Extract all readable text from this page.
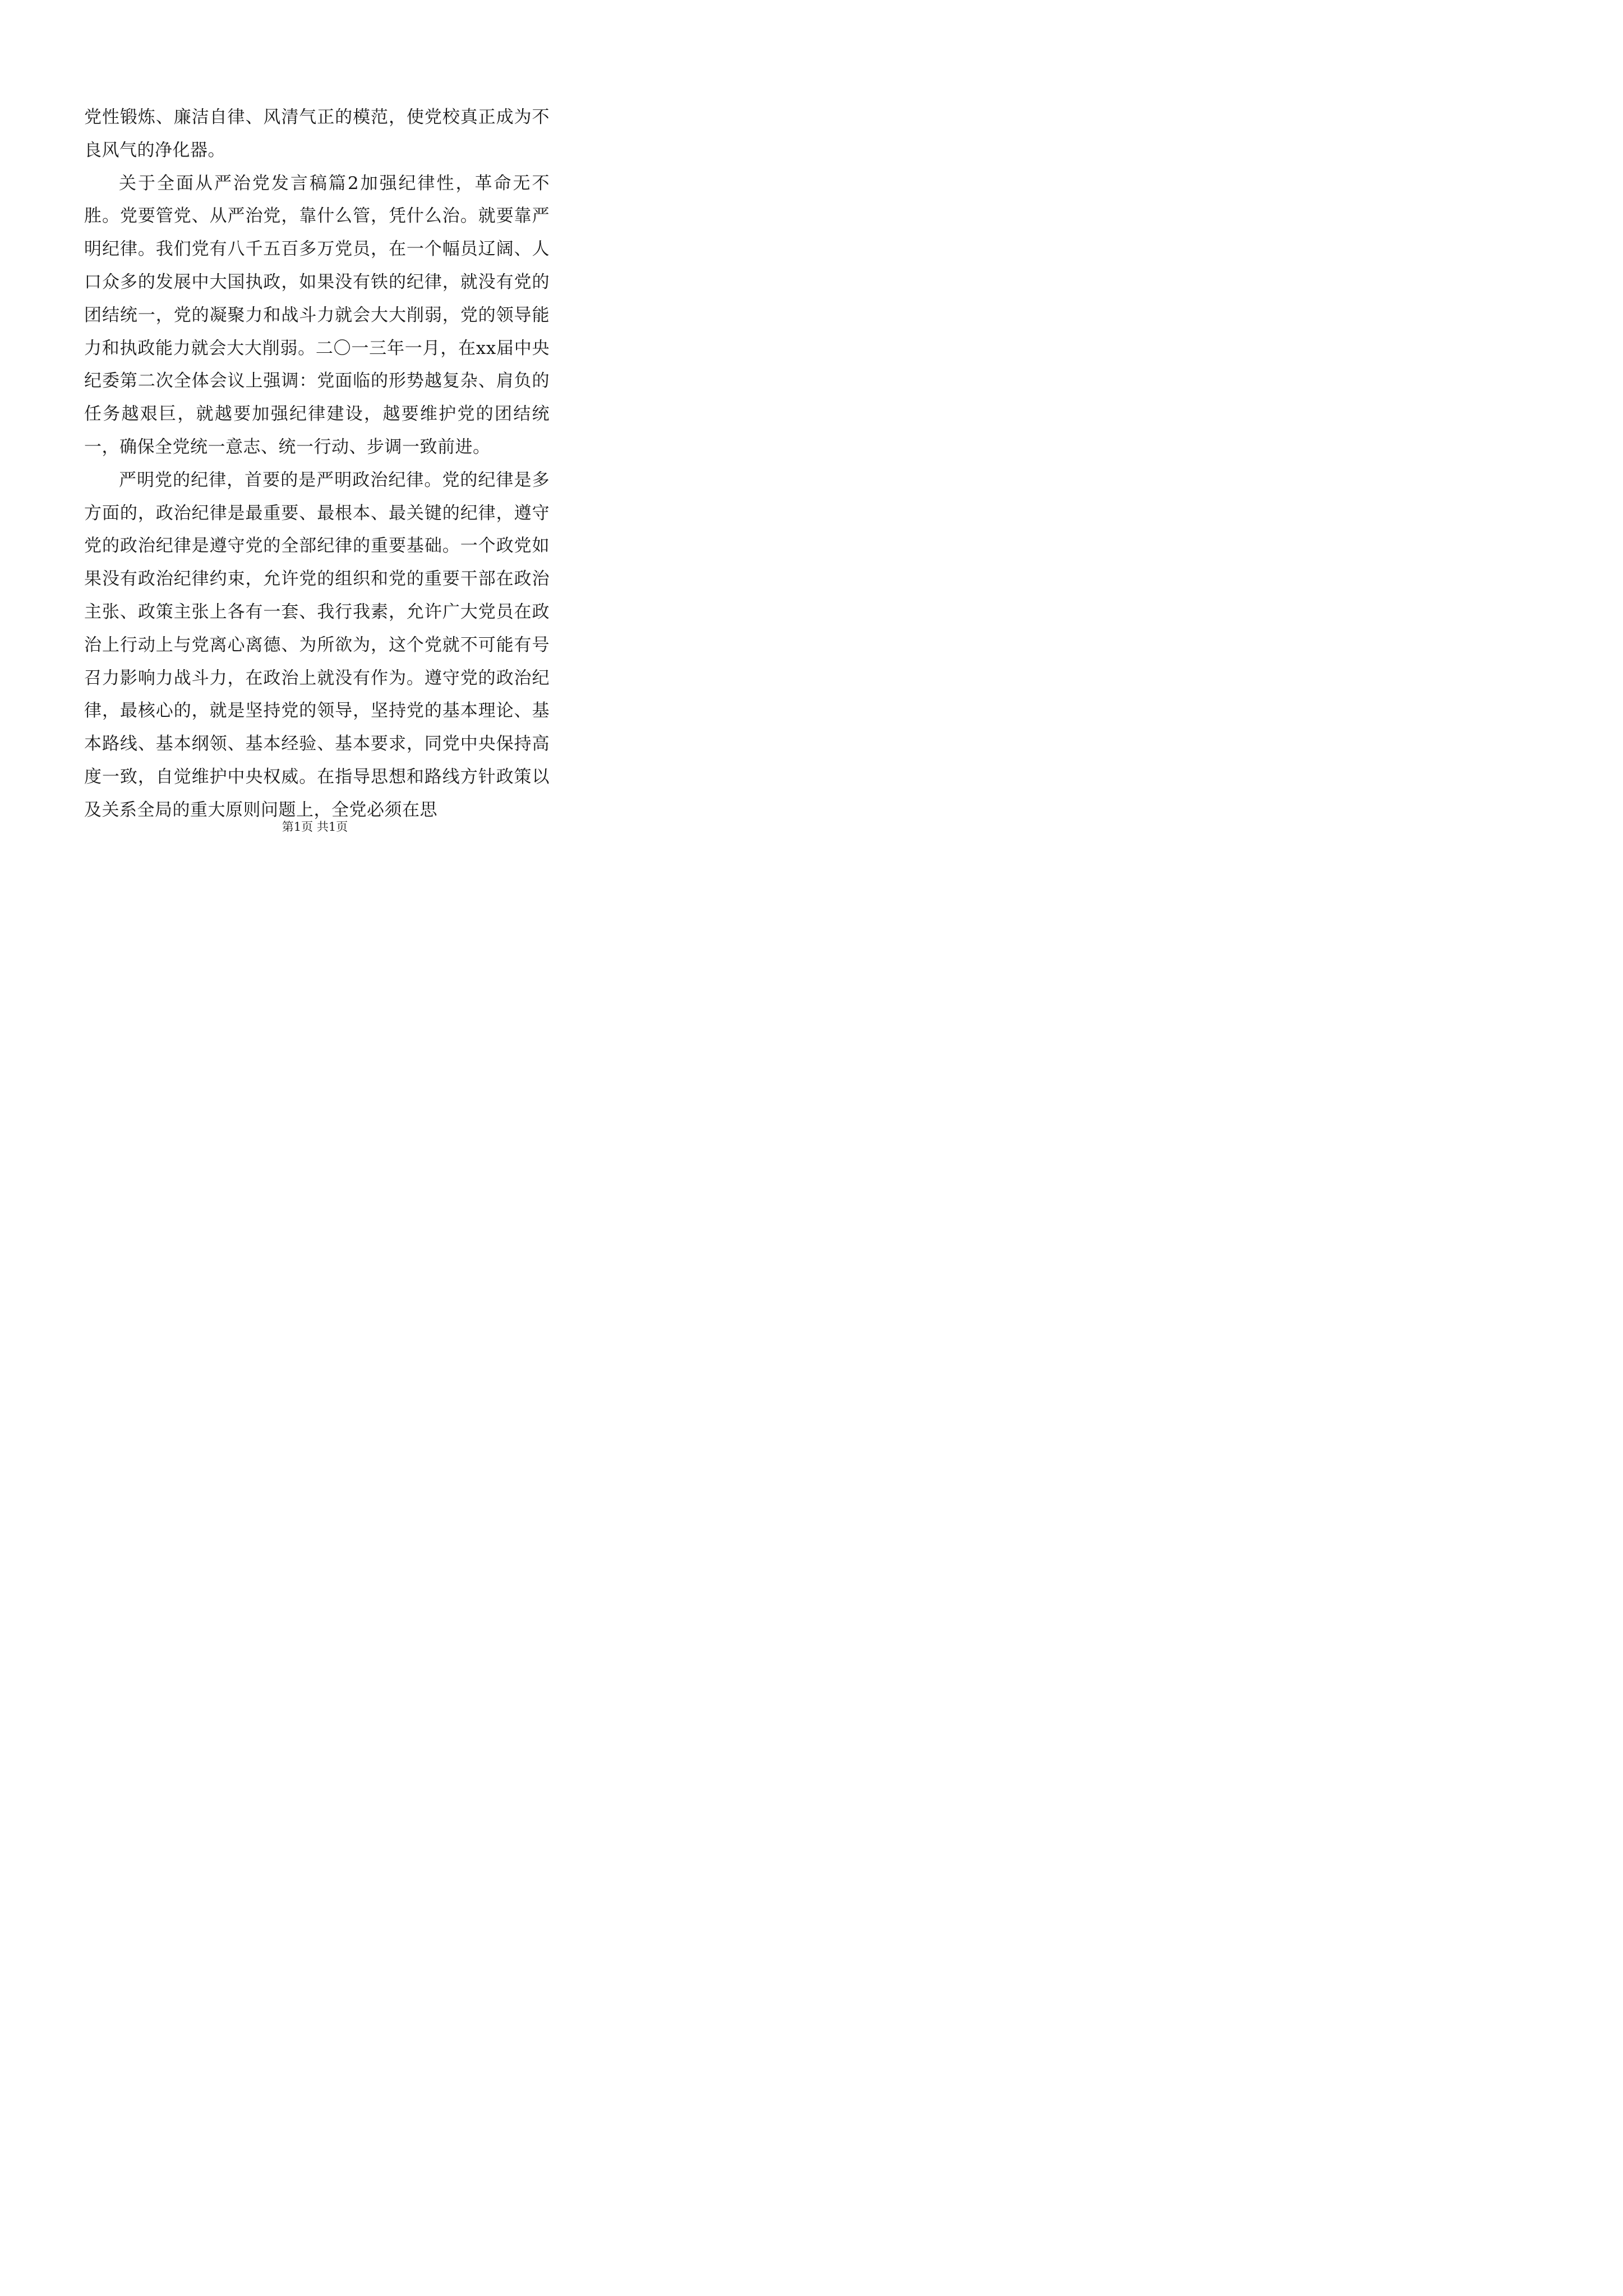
党性锻炼、廉洁自律、风清气正的模范，使党校真正成为不良风气的净化器。

关于全面从严治党发言稿篇2加强纪律性，革命无不胜。党要管党、从严治党，靠什么管，凭什么治。就要靠严明纪律。我们党有八千五百多万党员，在一个幅员辽阔、人口众多的发展中大国执政，如果没有铁的纪律，就没有党的团结统一，党的凝聚力和战斗力就会大大削弱，党的领导能力和执政能力就会大大削弱。二〇一三年一月，在xx届中央纪委第二次全体会议上强调：党面临的形势越复杂、肩负的任务越艰巨，就越要加强纪律建设，越要维护党的团结统一，确保全党统一意志、统一行动、步调一致前进。

严明党的纪律，首要的是严明政治纪律。党的纪律是多方面的，政治纪律是最重要、最根本、最关键的纪律，遵守党的政治纪律是遵守党的全部纪律的重要基础。一个政党如果没有政治纪律约束，允许党的组织和党的重要干部在政治主张、政策主张上各有一套、我行我素，允许广大党员在政治上行动上与党离心离德、为所欲为，这个党就不可能有号召力影响力战斗力，在政治上就没有作为。遵守党的政治纪律，最核心的，就是坚持党的领导，坚持党的基本理论、基本路线、基本纲领、基本经验、基本要求，同党中央保持高度一致，自觉维护中央权威。在指导思想和路线方针政策以及关系全局的重大原则问题上，全党必须在思

第1页 共1页
